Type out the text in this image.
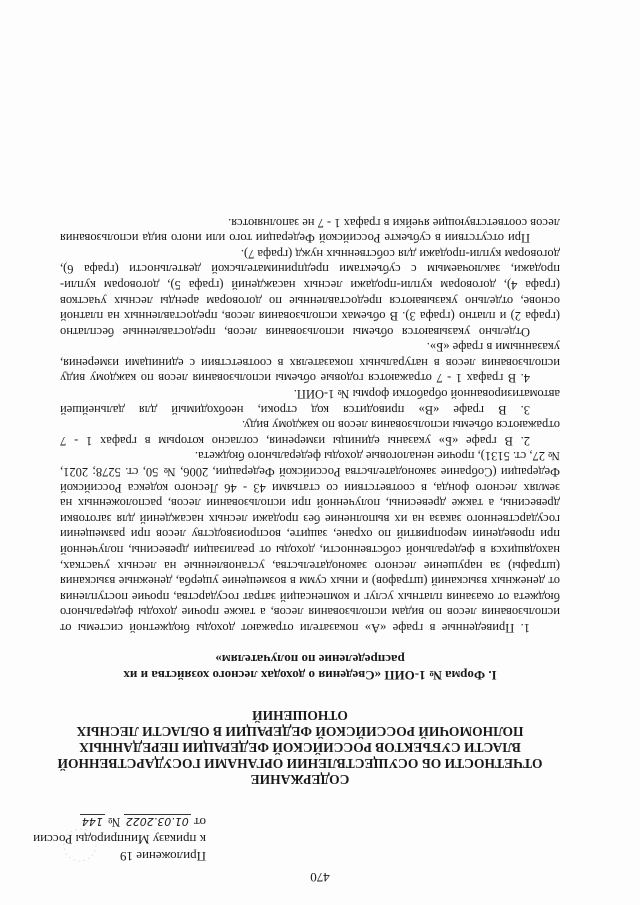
470
Приложение 19
к приказу Минприроды России
от 01.03.2022 № 144
СОДЕРЖАНИЕ
ОТЧЕТНОСТИ ОБ ОСУЩЕСТВЛЕНИИ ОРГАНАМИ ГОСУДАРСТВЕННОЙ
ВЛАСТИ СУБЪЕКТОВ РОССИЙСКОЙ ФЕДЕРАЦИИ ПЕРЕДАННЫХ
ПОЛНОМОЧИЙ РОССИЙСКОЙ ФЕДЕРАЦИИ В ОБЛАСТИ ЛЕСНЫХ
ОТНОШЕНИЙ
I. Форма № 1-ОИП «Сведения о доходах лесного хозяйства и их
распределение по получателям»

1. Приведенные в графе «А» показатели отражают доходы бюджетной системы от использования лесов по видам использования лесов, а также прочие доходы федерального бюджета от оказания платных услуг и компенсаций затрат государства, прочие поступления от денежных взысканий (штрафов) и иных сумм в возмещение ущерба, денежные взыскания (штрафы) за нарушение лесного законодательства, установленные на лесных участках, находящихся в федеральной собственности, доходы от реализации древесины, полученной при проведении мероприятий по охране, защите, воспроизводству лесов при размещении государственного заказа на их выполнение без продажи лесных насаждений для заготовки древесины, а также древесины, полученной при использовании лесов, расположенных на землях лесного фонда, в соответствии со статьями 43 - 46 Лесного кодекса Российской Федерации (Собрание законодательства Российской Федерации, 2006, № 50, ст. 5278; 2021, № 27, ст. 5131), прочие неналоговые доходы федерального бюджета.

2. В графе «Б» указаны единицы измерения, согласно которым в графах 1 - 7 отражаются объемы использования лесов по каждому виду.

3. В графе «В» приводится код строки, необходимый для дальнейшей автоматизированной обработки формы № 1-ОИП.

4. В графах 1 - 7 отражаются годовые объемы использования лесов по каждому виду использования лесов в натуральных показателях в соответствии с единицами измерения, указанными в графе «Б».

Отдельно указываются объемы использования лесов, предоставленные бесплатно (графа 2) и платно (графа 3). В объемах использования лесов, предоставленных на платной основе, отдельно указываются предоставленные по договорам аренды лесных участков (графа 4), договорам купли-продажи лесных насаждений (графа 5), договорам купли-продажи, заключаемым с субъектами предпринимательской деятельности (графа 6), договорам купли-продажи для собственных нужд (графа 7).

При отсутствии в субъекте Российской Федерации того или иного вида использования лесов соответствующие ячейки в графах 1 - 7 не заполняются.
